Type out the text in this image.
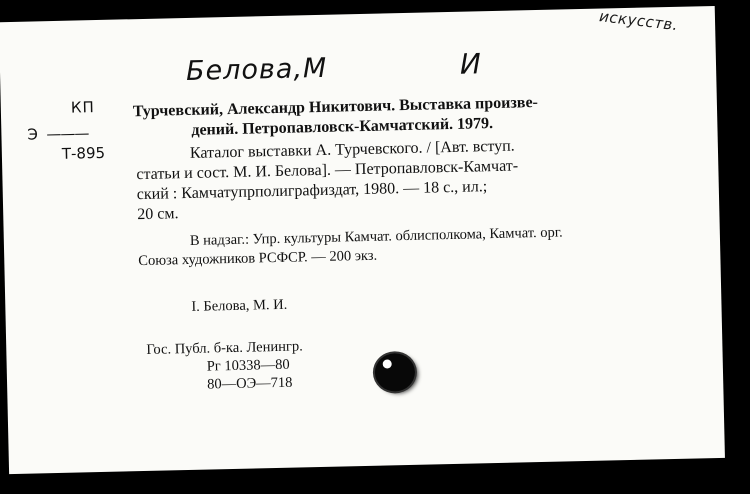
искусств.
Белова,М	И
КП
Э ———
Т-895
Турчевский, Александр Никитович. Выставка произве-
дений. Петропавловск-Камчатский. 1979.
Каталог выставки А. Турчевского. / [Авт. вступ.
статьи и сост. М. И. Белова]. — Петропавловск-Камчат-
ский : Камчатупрполиграфиздат, 1980. — 18 с., ил.;
20 см.
В надзаг.: Упр. культуры Камчат. облисполкома, Камчат. орг.
Союза художников РСФСР. — 200 экз.
I. Белова, М. И.
Гос. Публ. б-ка. Ленингр.
Рг 10338—80
80—ОЭ—718
